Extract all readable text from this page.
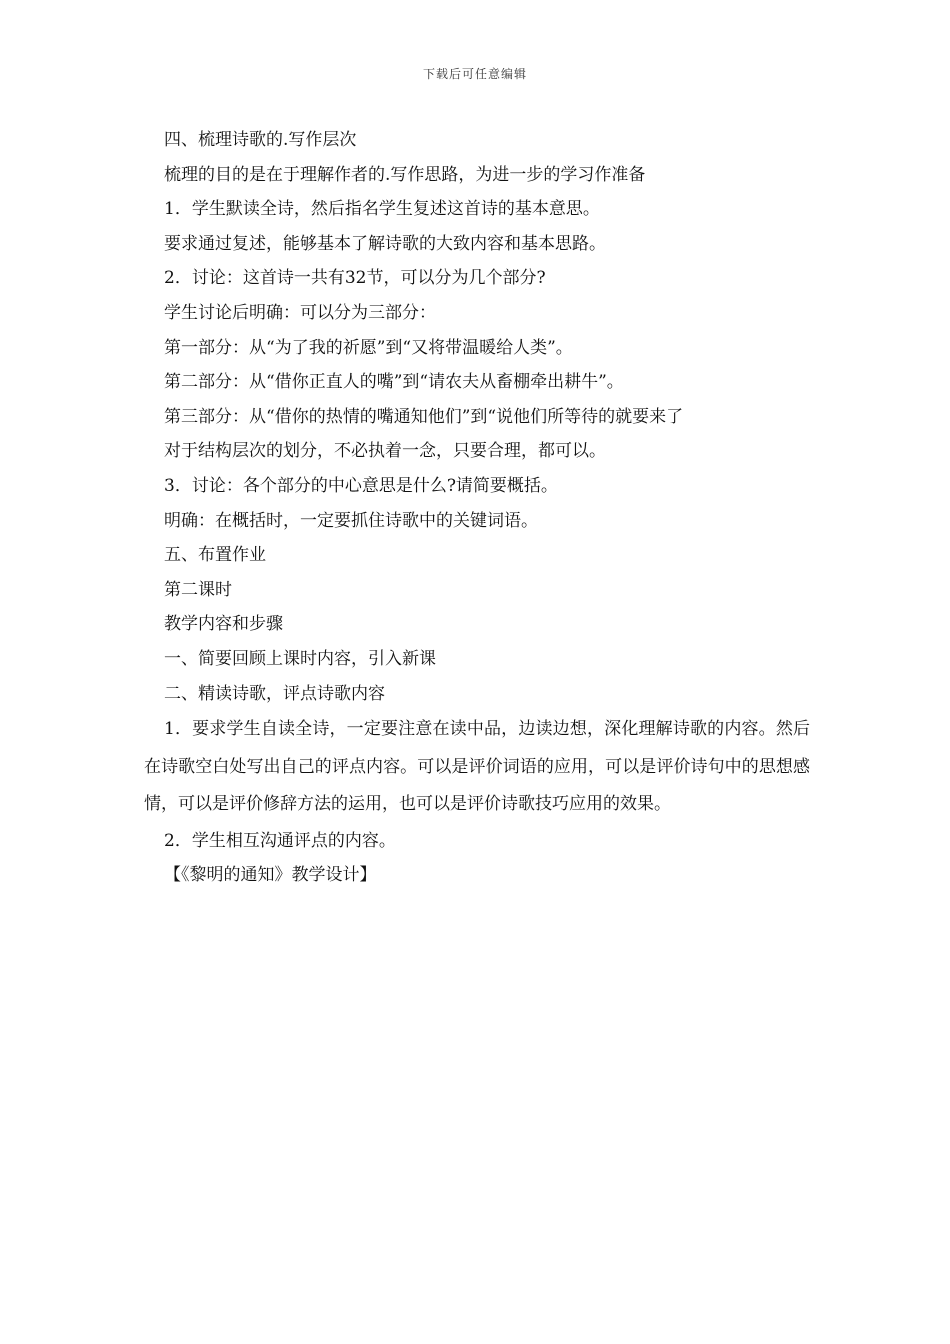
下载后可任意编辑
四、梳理诗歌的.写作层次
梳理的目的是在于理解作者的.写作思路，为进一步的学习作准备
1．学生默读全诗，然后指名学生复述这首诗的基本意思。
要求通过复述，能够基本了解诗歌的大致内容和基本思路。
2．讨论：这首诗一共有32节，可以分为几个部分?
学生讨论后明确：可以分为三部分：
第一部分：从“为了我的祈愿”到“又将带温暖给人类”。
第二部分：从“借你正直人的嘴”到“请农夫从畜棚牵出耕牛”。
第三部分：从“借你的热情的嘴通知他们”到“说他们所等待的就要来了
对于结构层次的划分，不必执着一念，只要合理，都可以。
3．讨论：各个部分的中心意思是什么?请简要概括。
明确：在概括时，一定要抓住诗歌中的关键词语。
五、布置作业
第二课时
教学内容和步骤
一、简要回顾上课时内容，引入新课
二、精读诗歌，评点诗歌内容

1．要求学生自读全诗，一定要注意在读中品，边读边想，深化理解诗歌的内容。然后在诗歌空白处写出自己的评点内容。可以是评价词语的应用，可以是评价诗句中的思想感情，可以是评价修辞方法的运用，也可以是评价诗歌技巧应用的效果。

2．学生相互沟通评点的内容。
【《黎明的通知》教学设计】
